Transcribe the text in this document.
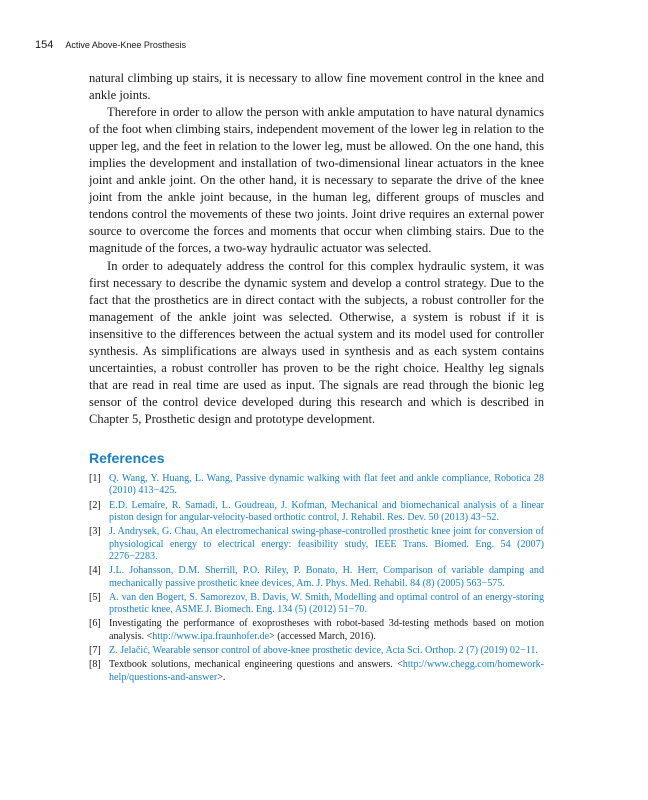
154 Active Above-Knee Prosthesis

natural climbing up stairs, it is necessary to allow fine movement control in the knee and ankle joints.

Therefore in order to allow the person with ankle amputation to have natural dynamics of the foot when climbing stairs, independent movement of the lower leg in relation to the upper leg, and the feet in relation to the lower leg, must be allowed. On the one hand, this implies the development and installation of two-dimensional linear actuators in the knee joint and ankle joint. On the other hand, it is necessary to separate the drive of the knee joint from the ankle joint because, in the human leg, different groups of muscles and tendons control the movements of these two joints. Joint drive requires an external power source to overcome the forces and moments that occur when climbing stairs. Due to the magnitude of the forces, a two-way hydraulic actuator was selected.

In order to adequately address the control for this complex hydraulic system, it was first necessary to describe the dynamic system and develop a control strategy. Due to the fact that the prosthetics are in direct contact with the subjects, a robust controller for the management of the ankle joint was selected. Otherwise, a system is robust if it is insensitive to the differences between the actual system and its model used for controller synthesis. As simplifications are always used in synthesis and as each system contains uncertainties, a robust controller has proven to be the right choice. Healthy leg signals that are read in real time are used as input. The signals are read through the bionic leg sensor of the control device developed during this research and which is described in Chapter 5, Prosthetic design and prototype development.

References
[1] Q. Wang, Y. Huang, L. Wang, Passive dynamic walking with flat feet and ankle compliance, Robotica 28 (2010) 413−425.
[2] E.D. Lemaire, R. Samadi, L. Goudreau, J. Kofman, Mechanical and biomechanical analysis of a linear piston design for angular-velocity-based orthotic control, J. Rehabil. Res. Dev. 50 (2013) 43−52.
[3] J. Andrysek, G. Chau, An electromechanical swing-phase-controlled prosthetic knee joint for conversion of physiological energy to electrical energy: feasibility study, IEEE Trans. Biomed. Eng. 54 (2007) 2276−2283.
[4] J.L. Johansson, D.M. Sherrill, P.O. Riley, P. Bonato, H. Herr, Comparison of variable damping and mechanically passive prosthetic knee devices, Am. J. Phys. Med. Rehabil. 84 (8) (2005) 563−575.
[5] A. van den Bogert, S. Samorezov, B. Davis, W. Smith, Modelling and optimal control of an energy-storing prosthetic knee, ASME J. Biomech. Eng. 134 (5) (2012) 51−70.
[6] Investigating the performance of exoprostheses with robot-based 3d-testing methods based on motion analysis. <http://www.ipa.fraunhofer.de> (accessed March, 2016).
[7] Z. Jelačić, Wearable sensor control of above-knee prosthetic device, Acta Sci. Orthop. 2 (7) (2019) 02−11.
[8] Textbook solutions, mechanical engineering questions and answers. <http://www.chegg.com/homework-help/questions-and-answer>.
